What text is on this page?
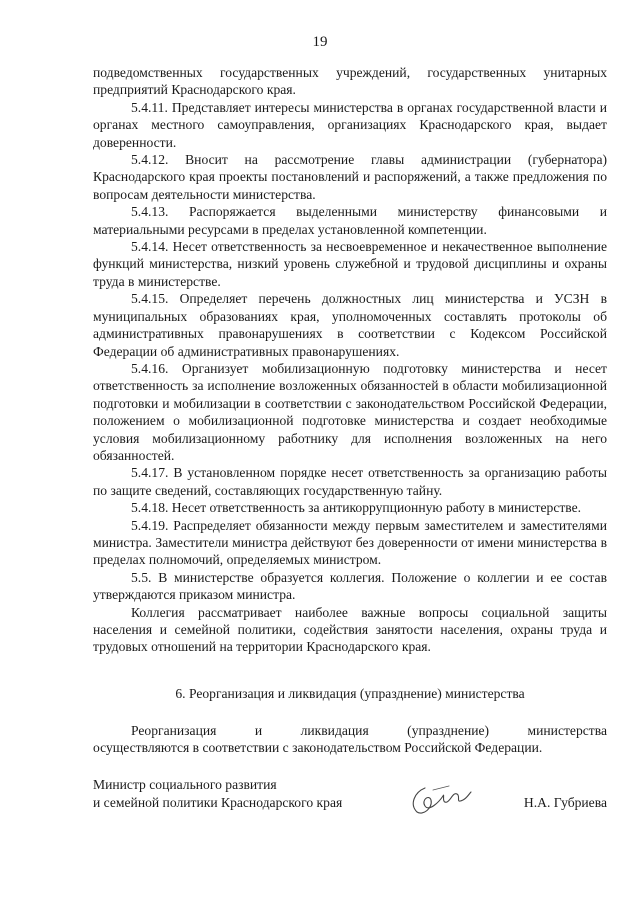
19

подведомственных государственных учреждений, государственных унитарных предприятий Краснодарского края.

5.4.11. Представляет интересы министерства в органах государственной власти и органах местного самоуправления, организациях Краснодарского края, выдает доверенности.

5.4.12. Вносит на рассмотрение главы администрации (губернатора) Краснодарского края проекты постановлений и распоряжений, а также предложения по вопросам деятельности министерства.

5.4.13. Распоряжается выделенными министерству финансовыми и материальными ресурсами в пределах установленной компетенции.

5.4.14. Несет ответственность за несвоевременное и некачественное выполнение функций министерства, низкий уровень служебной и трудовой дисциплины и охраны труда в министерстве.

5.4.15. Определяет перечень должностных лиц министерства и УСЗН в муниципальных образованиях края, уполномоченных составлять протоколы об административных правонарушениях в соответствии с Кодексом Российской Федерации об административных правонарушениях.

5.4.16. Организует мобилизационную подготовку министерства и несет ответственность за исполнение возложенных обязанностей в области мобилизационной подготовки и мобилизации в соответствии с законодательством Российской Федерации, положением о мобилизационной подготовке министерства и создает необходимые условия мобилизационному работнику для исполнения возложенных на него обязанностей.

5.4.17. В установленном порядке несет ответственность за организацию работы по защите сведений, составляющих государственную тайну.

5.4.18. Несет ответственность за антикоррупционную работу в министерстве.

5.4.19. Распределяет обязанности между первым заместителем и заместителями министра. Заместители министра действуют без доверенности от имени министерства в пределах полномочий, определяемых министром.

5.5. В министерстве образуется коллегия. Положение о коллегии и ее состав утверждаются приказом министра.

Коллегия рассматривает наиболее важные вопросы социальной защиты населения и семейной политики, содействия занятости населения, охраны труда и трудовых отношений на территории Краснодарского края.

6. Реорганизация и ликвидация (упразднение) министерства

Реорганизация и ликвидация (упразднение) министерства
осуществляются в соответствии с законодательством Российской Федерации.

Министр социального развития
и семейной политики Краснодарского края	Н.А. Губриева
